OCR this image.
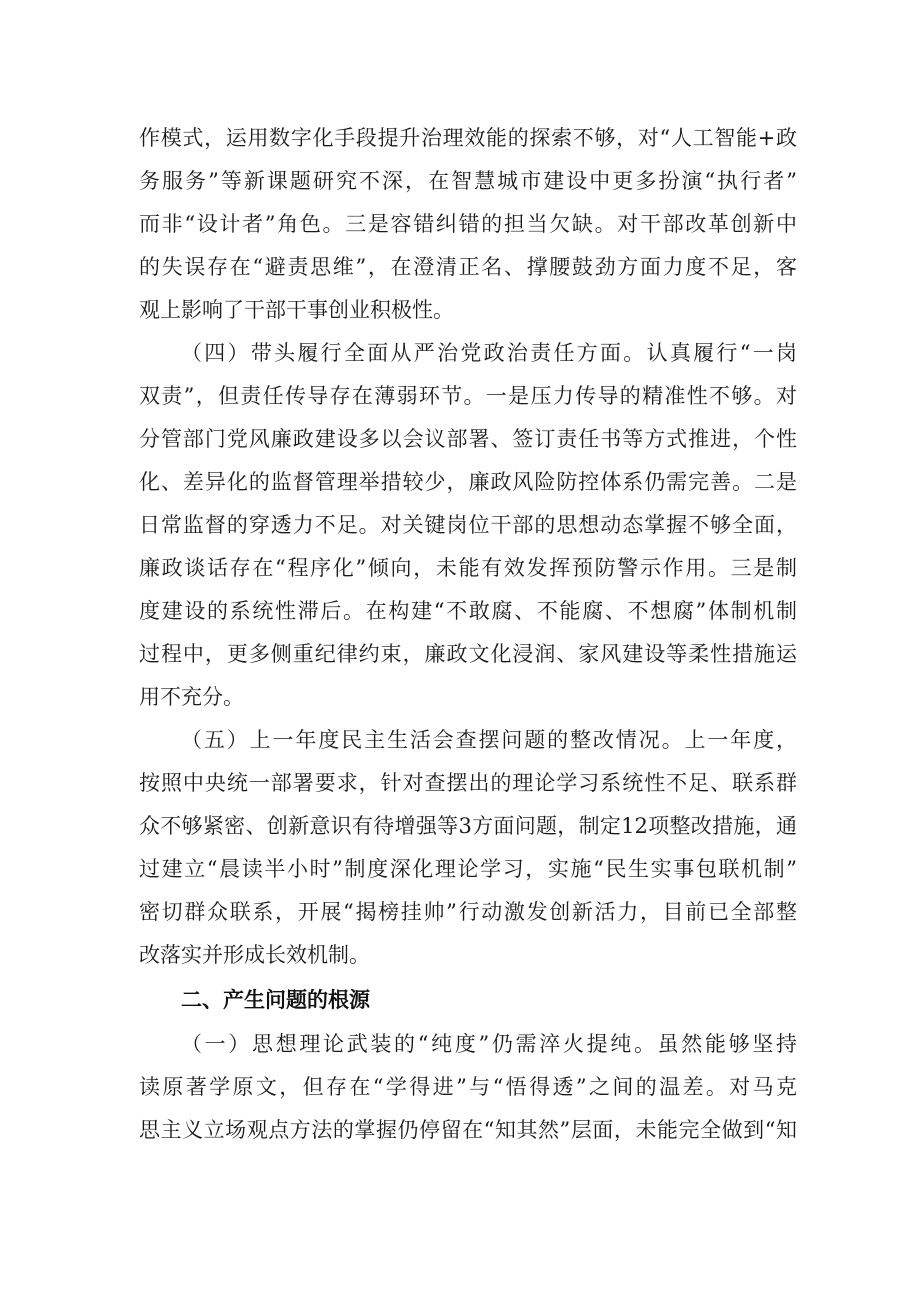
作模式，运用数字化手段提升治理效能的探索不够，对“人工智能+政
务服务”等新课题研究不深，在智慧城市建设中更多扮演“执行者”
而非“设计者”角色。三是容错纠错的担当欠缺。对干部改革创新中
的失误存在“避责思维”，在澄清正名、撑腰鼓劲方面力度不足，客
观上影响了干部干事创业积极性。
（四）带头履行全面从严治党政治责任方面。认真履行“一岗
双责”，但责任传导存在薄弱环节。一是压力传导的精准性不够。对
分管部门党风廉政建设多以会议部署、签订责任书等方式推进，个性
化、差异化的监督管理举措较少，廉政风险防控体系仍需完善。二是
日常监督的穿透力不足。对关键岗位干部的思想动态掌握不够全面，
廉政谈话存在“程序化”倾向，未能有效发挥预防警示作用。三是制
度建设的系统性滞后。在构建“不敢腐、不能腐、不想腐”体制机制
过程中，更多侧重纪律约束，廉政文化浸润、家风建设等柔性措施运
用不充分。
（五）上一年度民主生活会查摆问题的整改情况。上一年度，
按照中央统一部署要求，针对查摆出的理论学习系统性不足、联系群
众不够紧密、创新意识有待增强等3方面问题，制定12项整改措施，通
过建立“晨读半小时”制度深化理论学习，实施“民生实事包联机制”
密切群众联系，开展“揭榜挂帅”行动激发创新活力，目前已全部整
改落实并形成长效机制。
二、产生问题的根源
（一）思想理论武装的“纯度”仍需淬火提纯。虽然能够坚持
读原著学原文，但存在“学得进”与“悟得透”之间的温差。对马克
思主义立场观点方法的掌握仍停留在“知其然”层面，未能完全做到“知
